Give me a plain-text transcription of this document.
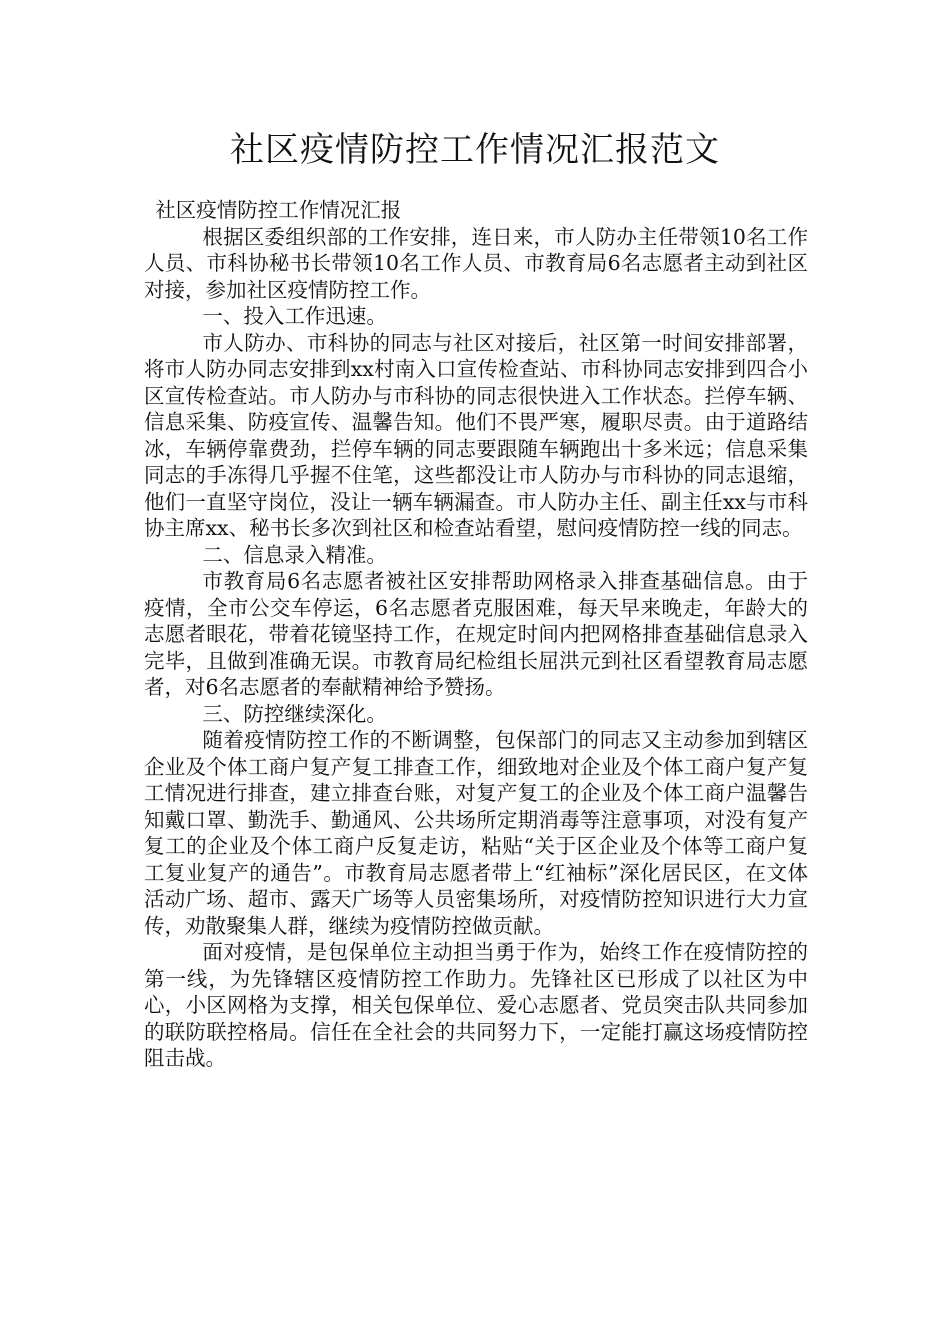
社区疫情防控工作情况汇报范文

社区疫情防控工作情况汇报

根据区委组织部的工作安排，连日来，市人防办主任带领10名工作人员、市科协秘书长带领10名工作人员、市教育局6名志愿者主动到社区对接，参加社区疫情防控工作。

一、投入工作迅速。

市人防办、市科协的同志与社区对接后，社区第一时间安排部署，将市人防办同志安排到xx村南入口宣传检查站、市科协同志安排到四合小区宣传检查站。市人防办与市科协的同志很快进入工作状态。拦停车辆、信息采集、防疫宣传、温馨告知。他们不畏严寒，履职尽责。由于道路结冰，车辆停靠费劲，拦停车辆的同志要跟随车辆跑出十多米远；信息采集同志的手冻得几乎握不住笔，这些都没让市人防办与市科协的同志退缩，他们一直坚守岗位，没让一辆车辆漏查。市人防办主任、副主任xx与市科协主席xx、秘书长多次到社区和检查站看望，慰问疫情防控一线的同志。

二、信息录入精准。

市教育局6名志愿者被社区安排帮助网格录入排查基础信息。由于疫情，全市公交车停运，6名志愿者克服困难，每天早来晚走，年龄大的志愿者眼花，带着花镜坚持工作，在规定时间内把网格排查基础信息录入完毕，且做到准确无误。市教育局纪检组长屈洪元到社区看望教育局志愿者，对6名志愿者的奉献精神给予赞扬。

三、防控继续深化。

随着疫情防控工作的不断调整，包保部门的同志又主动参加到辖区企业及个体工商户复产复工排查工作，细致地对企业及个体工商户复产复工情况进行排查，建立排查台账，对复产复工的企业及个体工商户温馨告知戴口罩、勤洗手、勤通风、公共场所定期消毒等注意事项，对没有复产复工的企业及个体工商户反复走访，粘贴“关于区企业及个体等工商户复工复业复产的通告”。市教育局志愿者带上“红袖标”深化居民区，在文体活动广场、超市、露天广场等人员密集场所，对疫情防控知识进行大力宣传，劝散聚集人群，继续为疫情防控做贡献。

面对疫情，是包保单位主动担当勇于作为，始终工作在疫情防控的第一线，为先锋辖区疫情防控工作助力。先锋社区已形成了以社区为中心，小区网格为支撑，相关包保单位、爱心志愿者、党员突击队共同参加的联防联控格局。信任在全社会的共同努力下，一定能打赢这场疫情防控阻击战。
